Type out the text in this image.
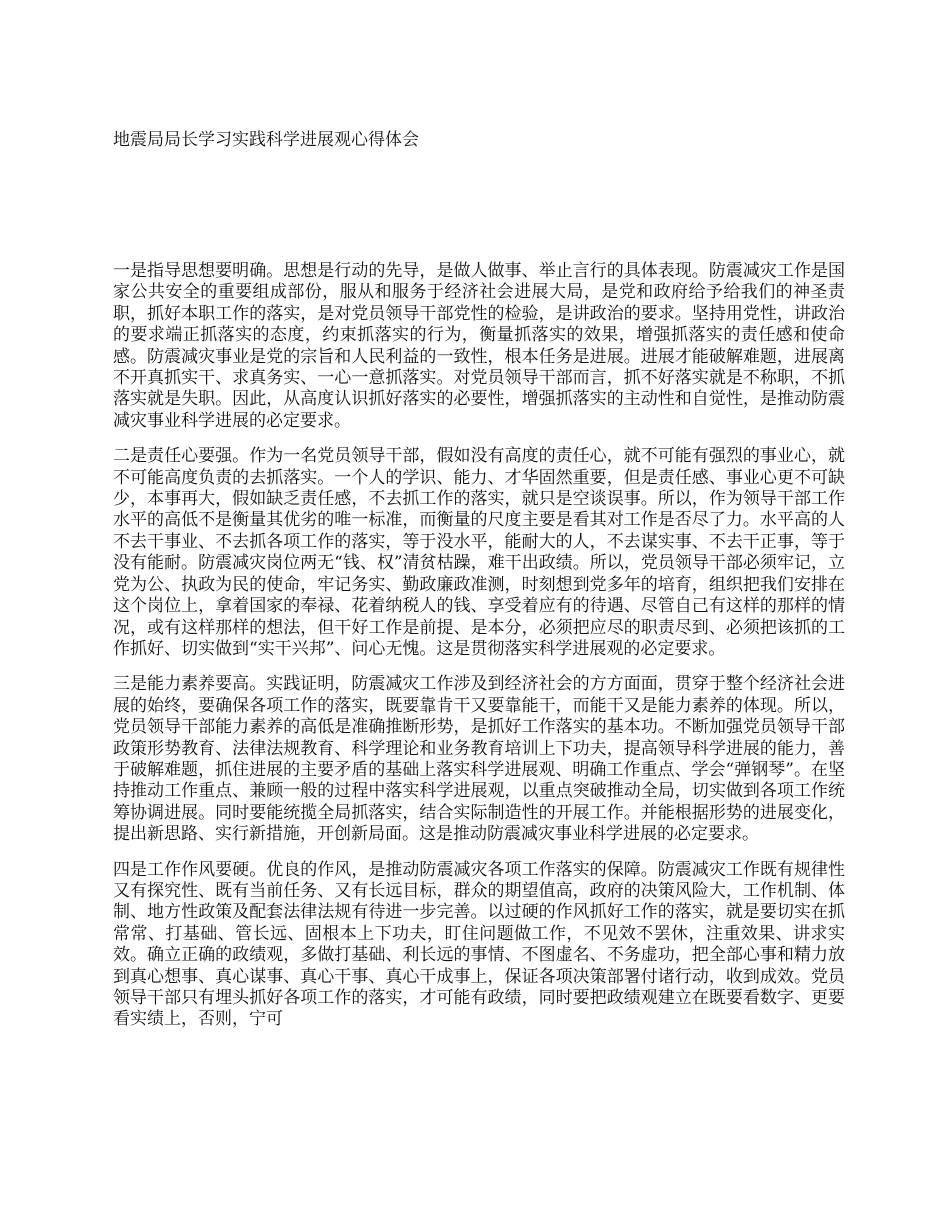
地震局局长学习实践科学进展观心得体会

一是指导思想要明确。思想是行动的先导，是做人做事、举止言行的具体表现。防震减灾工作是国家公共安全的重要组成部份，服从和服务于经济社会进展大局，是党和政府给予给我们的神圣责职，抓好本职工作的落实，是对党员领导干部党性的检验，是讲政治的要求。坚持用党性，讲政治的要求端正抓落实的态度，约束抓落实的行为，衡量抓落实的效果，增强抓落实的责任感和使命感。防震减灾事业是党的宗旨和人民利益的一致性，根本任务是进展。进展才能破解难题，进展离不开真抓实干、求真务实、一心一意抓落实。对党员领导干部而言，抓不好落实就是不称职，不抓落实就是失职。因此，从高度认识抓好落实的必要性，增强抓落实的主动性和自觉性，是推动防震减灾事业科学进展的必定要求。

二是责任心要强。作为一名党员领导干部，假如没有高度的责任心，就不可能有强烈的事业心，就不可能高度负责的去抓落实。一个人的学识、能力、才华固然重要，但是责任感、事业心更不可缺少，本事再大，假如缺乏责任感，不去抓工作的落实，就只是空谈误事。所以，作为领导干部工作水平的高低不是衡量其优劣的唯一标准，而衡量的尺度主要是看其对工作是否尽了力。水平高的人不去干事业、不去抓各项工作的落实，等于没水平，能耐大的人，不去谋实事、不去干正事，等于没有能耐。防震减灾岗位两无“钱、权”清贫枯躁，难干出政绩。所以，党员领导干部必须牢记，立党为公、执政为民的使命，牢记务实、勤政廉政准测，时刻想到党多年的培育，组织把我们安排在这个岗位上，拿着国家的奉禄、花着纳税人的钱、享受着应有的待遇、尽管自己有这样的那样的情况，或有这样那样的想法，但干好工作是前提、是本分，必须把应尽的职责尽到、必须把该抓的工作抓好、切实做到“实干兴邦”、问心无愧。这是贯彻落实科学进展观的必定要求。

三是能力素养要高。实践证明，防震减灾工作涉及到经济社会的方方面面，贯穿于整个经济社会进展的始终，要确保各项工作的落实，既要靠肯干又要靠能干，而能干又是能力素养的体现。所以，党员领导干部能力素养的高低是准确推断形势，是抓好工作落实的基本功。不断加强党员领导干部政策形势教育、法律法规教育、科学理论和业务教育培训上下功夫，提高领导科学进展的能力，善于破解难题，抓住进展的主要矛盾的基础上落实科学进展观、明确工作重点、学会“弹钢琴”。在坚持推动工作重点、兼顾一般的过程中落实科学进展观，以重点突破推动全局，切实做到各项工作统筹协调进展。同时要能统揽全局抓落实，结合实际制造性的开展工作。并能根据形势的进展变化，提出新思路、实行新措施，开创新局面。这是推动防震减灾事业科学进展的必定要求。

四是工作作风要硬。优良的作风，是推动防震减灾各项工作落实的保障。防震减灾工作既有规律性又有探究性、既有当前任务、又有长远目标，群众的期望值高，政府的决策风险大，工作机制、体制、地方性政策及配套法律法规有待进一步完善。以过硬的作风抓好工作的落实，就是要切实在抓常常、打基础、管长远、固根本上下功夫，盯住问题做工作，不见效不罢休，注重效果、讲求实效。确立正确的政绩观，多做打基础、利长远的事情、不图虚名、不务虚功，把全部心事和精力放到真心想事、真心谋事、真心干事、真心干成事上，保证各项决策部署付诸行动，收到成效。党员领导干部只有埋头抓好各项工作的落实，才可能有政绩，同时要把政绩观建立在既要看数字、更要看实绩上，否则，宁可
